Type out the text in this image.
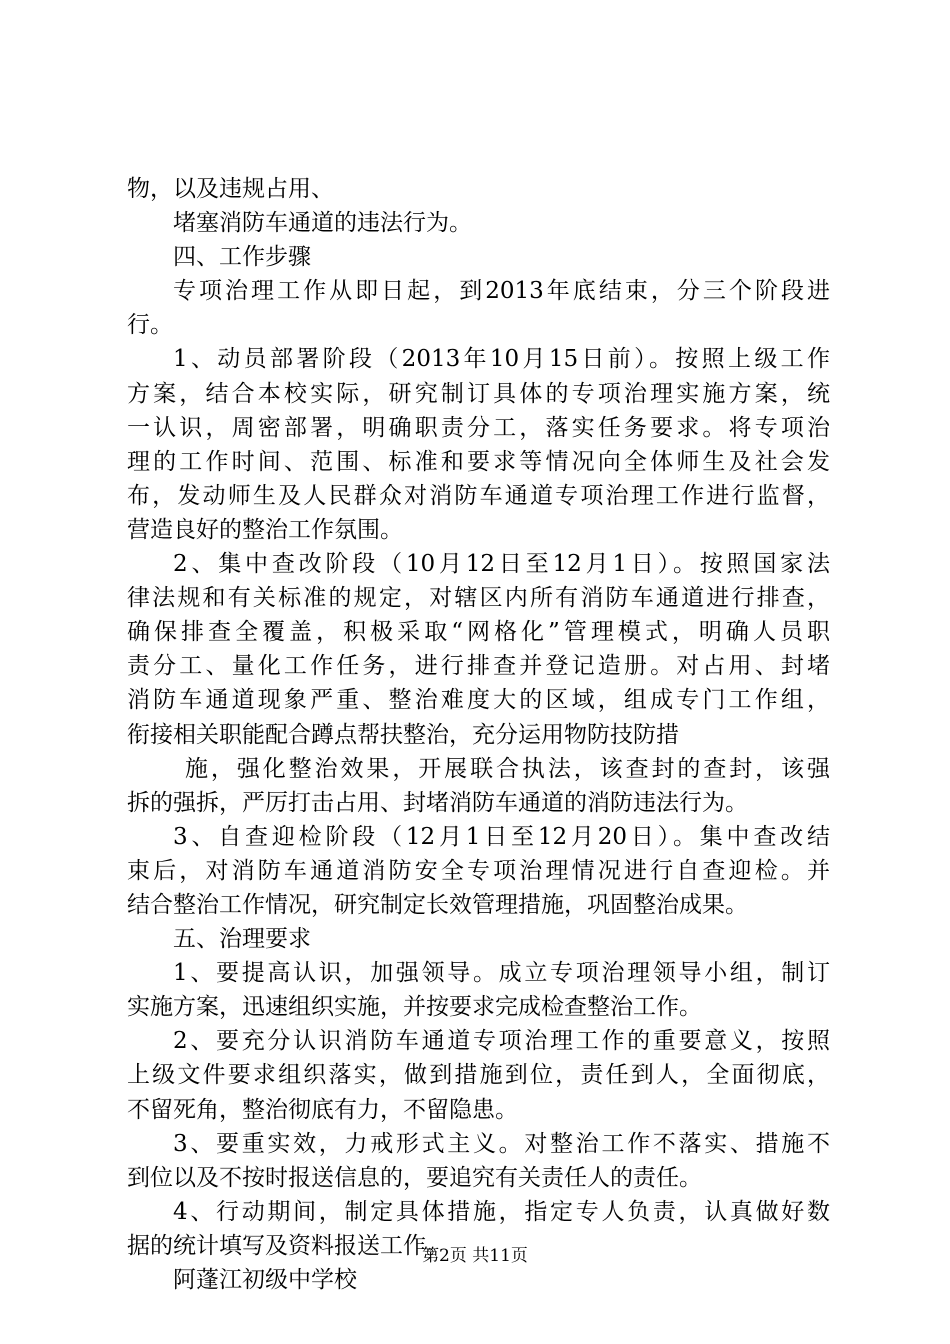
物，以及违规占用、
堵塞消防车通道的违法行为。
四、工作步骤
专项治理工作从即日起，到2013年底结束，分三个阶段进
行。
1、动员部署阶段（2013年10月15日前）。按照上级工作
方案，结合本校实际，研究制订具体的专项治理实施方案，统
一认识，周密部署，明确职责分工，落实任务要求。将专项治
理的工作时间、范围、标准和要求等情况向全体师生及社会发
布，发动师生及人民群众对消防车通道专项治理工作进行监督，
营造良好的整治工作氛围。
2、集中查改阶段（10月12日至12月1日）。按照国家法
律法规和有关标准的规定，对辖区内所有消防车通道进行排查，
确保排查全覆盖，积极采取“网格化”管理模式，明确人员职
责分工、量化工作任务，进行排查并登记造册。对占用、封堵
消防车通道现象严重、整治难度大的区域，组成专门工作组，
衔接相关职能配合蹲点帮扶整治，充分运用物防技防措
施，强化整治效果，开展联合执法，该查封的查封，该强
拆的强拆，严厉打击占用、封堵消防车通道的消防违法行为。
3、自查迎检阶段（12月1日至12月20日）。集中查改结
束后，对消防车通道消防安全专项治理情况进行自查迎检。并
结合整治工作情况，研究制定长效管理措施，巩固整治成果。
五、治理要求
1、要提高认识，加强领导。成立专项治理领导小组，制订
实施方案，迅速组织实施，并按要求完成检查整治工作。
2、要充分认识消防车通道专项治理工作的重要意义，按照
上级文件要求组织落实，做到措施到位，责任到人，全面彻底，
不留死角，整治彻底有力，不留隐患。
3、要重实效，力戒形式主义。对整治工作不落实、措施不
到位以及不按时报送信息的，要追究有关责任人的责任。
4、行动期间，制定具体措施，指定专人负责，认真做好数
据的统计填写及资料报送工作。
阿蓬江初级中学校
第2页 共11页
